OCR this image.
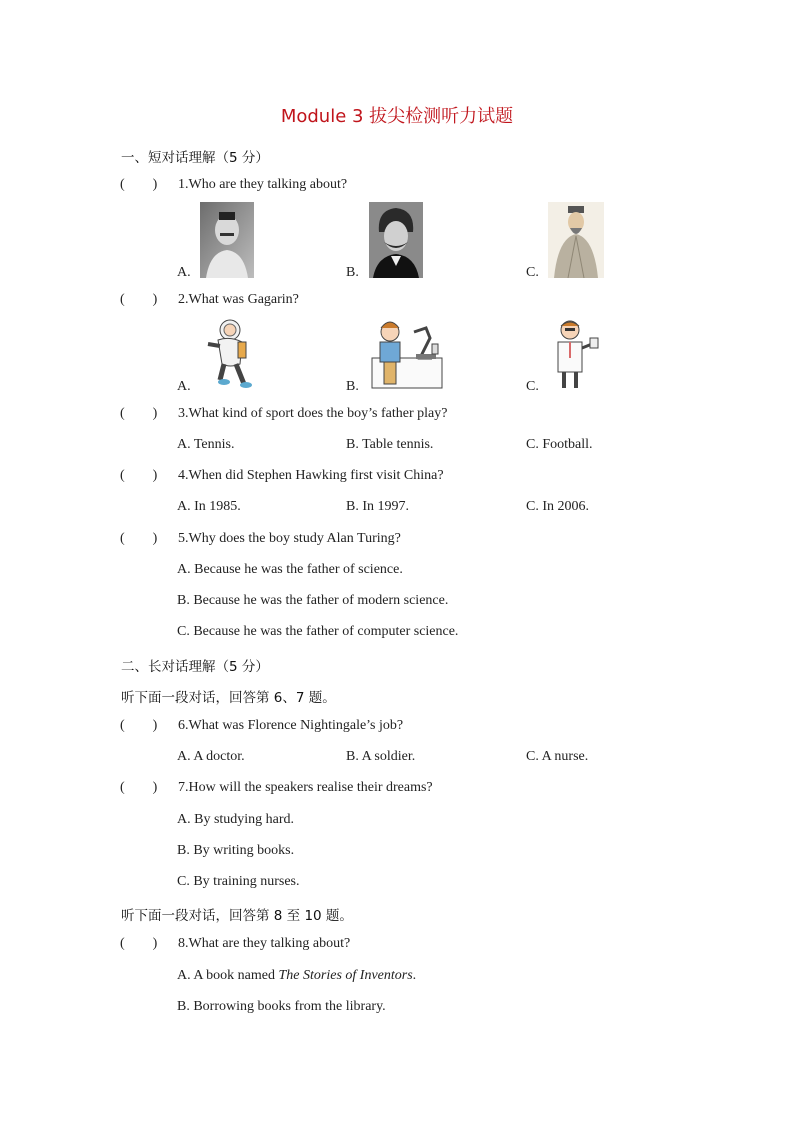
Module 3 拔尖检测听力试题
一、短对话理解（5 分）
(        ) 1.Who are they talking about?
A.	B.	C.
(        ) 2.What was Gagarin?
A.	B.	C.
(        ) 3.What kind of sport does the boy’s father play?
A. Tennis.	B. Table tennis.	C. Football.
(        ) 4.When did Stephen Hawking first visit China?
A. In 1985.	B. In 1997.	C. In 2006.
(        ) 5.Why does the boy study Alan Turing?
A. Because he was the father of science.
B. Because he was the father of modern science.
C. Because he was the father of computer science.
二、长对话理解（5 分）
听下面一段对话，回答第 6、7 题。
(        ) 6.What was Florence Nightingale’s job?
A. A doctor.	B. A soldier.	C. A nurse.
(        ) 7.How will the speakers realise their dreams?
A. By studying hard.
B. By writing books.
C. By training nurses.
听下面一段对话，回答第 8 至 10 题。
(        ) 8.What are they talking about?
A. A book named The Stories of Inventors.
B. Borrowing books from the library.
